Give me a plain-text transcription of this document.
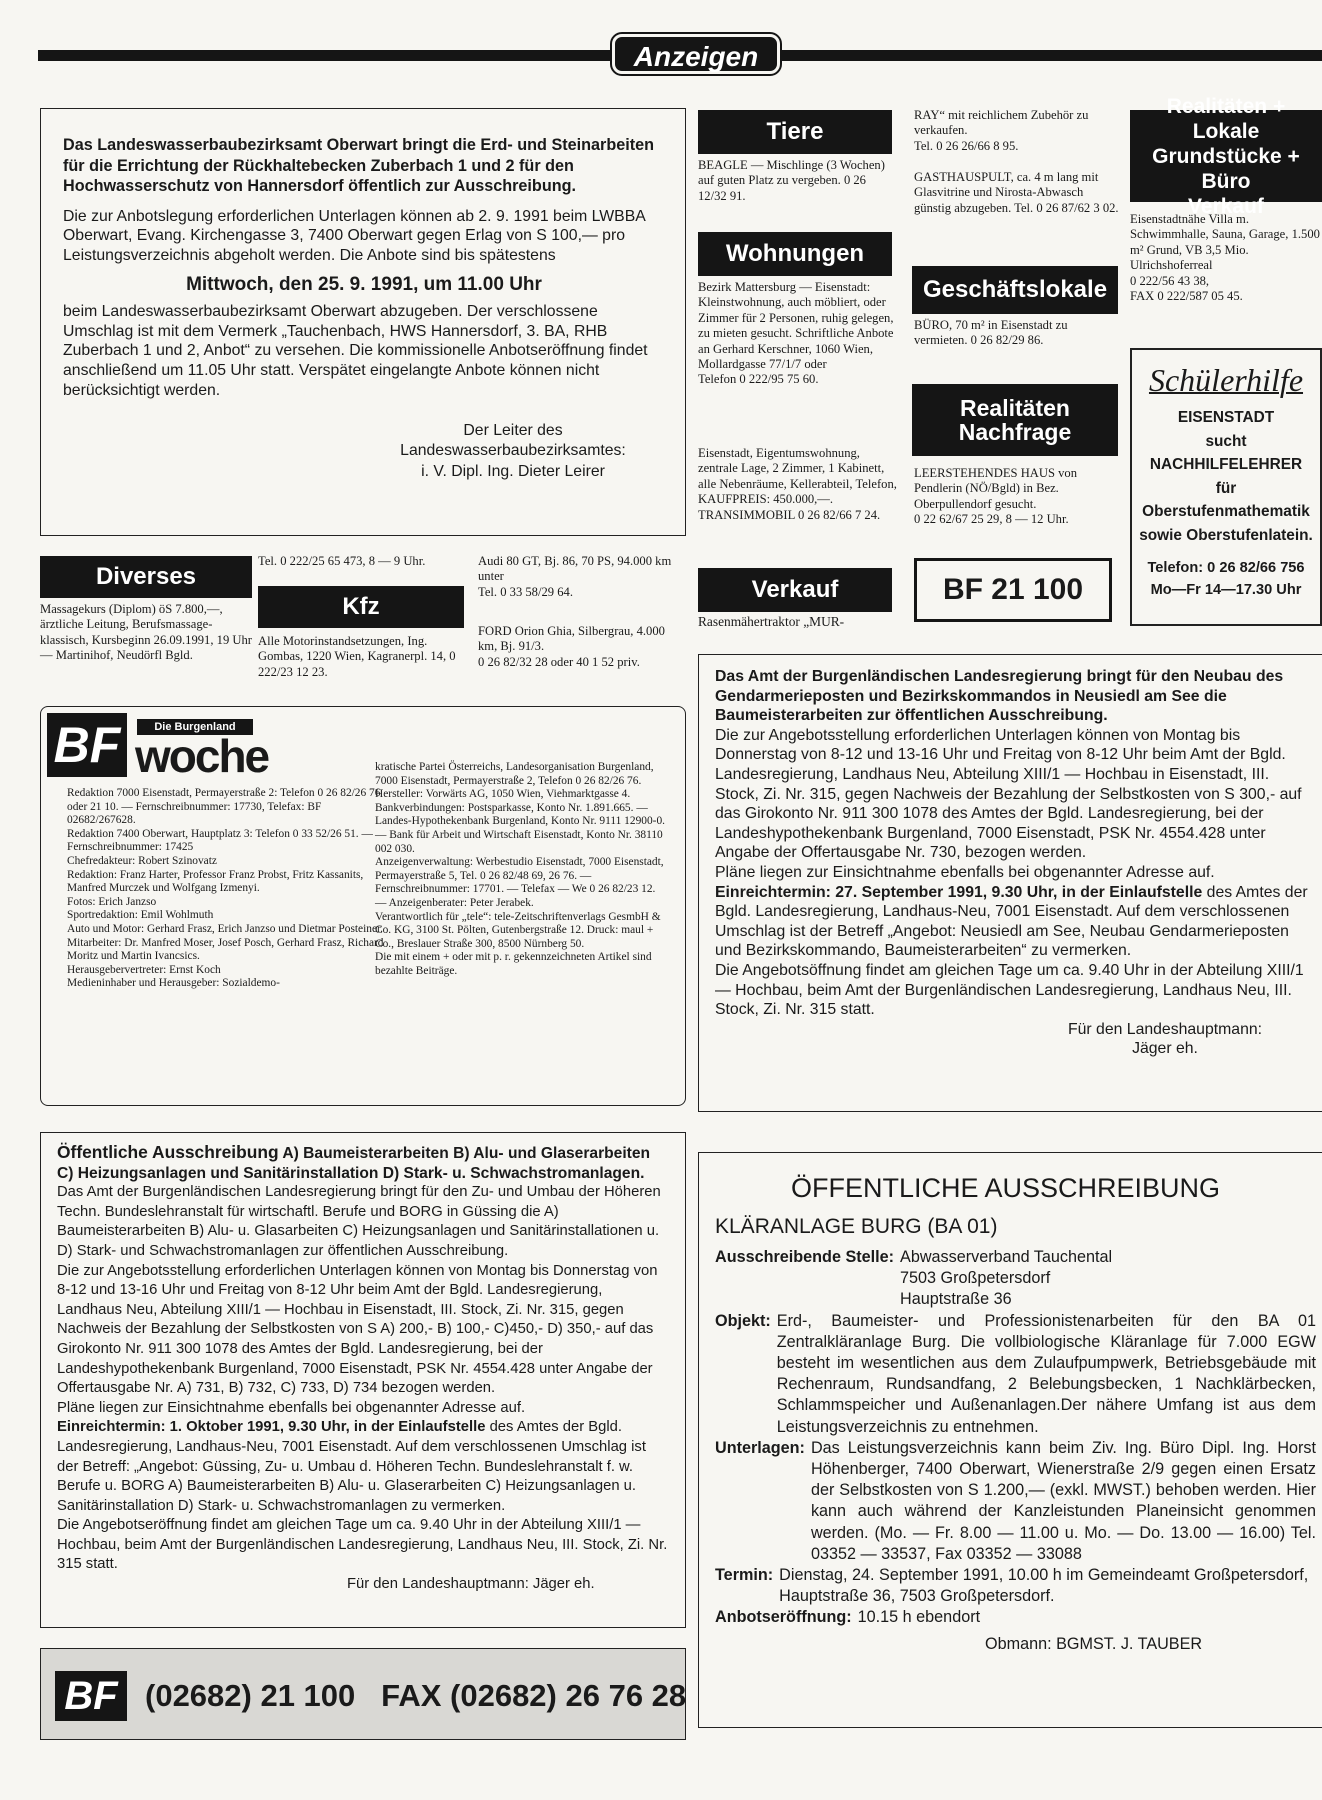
Anzeigen

Das Landeswasserbaubezirksamt Oberwart bringt die Erd- und Steinarbeiten für die Errichtung der Rückhaltebecken Zuberbach 1 und 2 für den Hochwasserschutz von Hannersdorf öffentlich zur Ausschreibung.

Die zur Anbotslegung erforderlichen Unterlagen können ab 2. 9. 1991 beim LWBBA Oberwart, Evang. Kirchengasse 3, 7400 Oberwart gegen Erlag von S 100,— pro Leistungsverzeichnis abgeholt werden. Die Anbote sind bis spätestens

Mittwoch, den 25. 9. 1991, um 11.00 Uhr

beim Landeswasserbaubezirksamt Oberwart abzugeben. Der verschlossene Umschlag ist mit dem Vermerk „Tauchenbach, HWS Hannersdorf, 3. BA, RHB Zuberbach 1 und 2, Anbot“ zu versehen. Die kommissionelle Anbotseröffnung findet anschließend um 11.05 Uhr statt. Verspätet eingelangte Anbote können nicht berücksichtigt werden.

Der Leiter des
Landeswasserbaubezirksamtes:
i. V. Dipl. Ing. Dieter Leirer

Tiere

BEAGLE — Mischlinge (3 Wochen) auf guten Platz zu vergeben. 0 26 12/32 91.

Wohnungen

Bezirk Mattersburg — Eisenstadt: Kleinstwohnung, auch möbliert, oder Zimmer für 2 Personen, ruhig gelegen, zu mieten gesucht. Schriftliche Anbote an Gerhard Kerschner, 1060 Wien, Mollardgasse 77/1/7 oder
Telefon 0 222/95 75 60.

Eisenstadt, Eigentumswohnung, zentrale Lage, 2 Zimmer, 1 Kabinett, alle Nebenräume, Kellerabteil, Telefon, KAUFPREIS: 450.000,—. TRANSIMMOBIL 0 26 82/66 7 24.

Verkauf

Rasenmähertraktor „MUR-

RAY“ mit reichlichem Zubehör zu verkaufen.
Tel. 0 26 26/66 8 95.

GASTHAUSPULT, ca. 4 m lang mit Glasvitrine und Nirosta-Abwasch günstig abzugeben. Tel. 0 26 87/62 3 02.

Geschäftslokale

BÜRO, 70 m² in Eisenstadt zu vermieten. 0 26 82/29 86.

Realitäten
Nachfrage

LEERSTEHENDES HAUS von Pendlerin (NÖ/Bgld) in Bez. Oberpullendorf gesucht.
0 22 62/67 25 29, 8 — 12 Uhr.

BF 21 100
Realitäten + Lokale
Grundstücke + Büro
Verkauf

Eisenstadtnähe Villa m. Schwimmhalle, Sauna, Garage, 1.500 m² Grund, VB 3,5 Mio. Ulrichshoferreal
0 222/56 43 38,
FAX 0 222/587 05 45.

Schülerhilfe

EISENSTADT
sucht
NACHHILFELEHRER
für
Oberstufenmathematik
sowie Oberstufenlatein.

Telefon: 0 26 82/66 756
Mo—Fr 14—17.30 Uhr

Diverses

Massagekurs (Diplom) öS 7.800,—, ärztliche Leitung, Berufsmassage-klassisch, Kursbeginn 26.09.1991, 19 Uhr — Martinihof, Neudörfl Bgld.

Tel. 0 222/25 65 473, 8 — 9 Uhr.

Kfz

Alle Motorinstandsetzungen, Ing. Gombas, 1220 Wien, Kagranerpl. 14, 0 222/23 12 23.

Audi 80 GT, Bj. 86, 70 PS, 94.000 km unter
Tel. 0 33 58/29 64.

FORD Orion Ghia, Silbergrau, 4.000 km, Bj. 91/3.
0 26 82/32 28 oder 40 1 52 priv.

BF	Die Burgenland
woche

Redaktion 7000 Eisenstadt, Permayerstraße 2: Telefon 0 26 82/26 76 oder 21 10. — Fernschreibnummer: 17730, Telefax: BF 02682/267628.
Redaktion 7400 Oberwart, Hauptplatz 3: Telefon 0 33 52/26 51. — Fernschreibnummer: 17425
Chefredakteur: Robert Szinovatz
Redaktion: Franz Harter, Professor Franz Probst, Fritz Kassanits, Manfred Murczek und Wolfgang Izmenyi.
Fotos: Erich Janzso
Sportredaktion: Emil Wohlmuth
Auto und Motor: Gerhard Frasz, Erich Janzso und Dietmar Posteiner.
Mitarbeiter: Dr. Manfred Moser, Josef Posch, Gerhard Frasz, Richard Moritz und Martin Ivancsics.
Herausgebervertreter: Ernst Koch
Medieninhaber und Herausgeber: Sozialdemo-

kratische Partei Österreichs, Landesorganisation Burgenland, 7000 Eisenstadt, Permayerstraße 2, Telefon 0 26 82/26 76.
Hersteller: Vorwärts AG, 1050 Wien, Viehmarktgasse 4.
Bankverbindungen: Postsparkasse, Konto Nr. 1.891.665. — Landes-Hypothekenbank Burgenland, Konto Nr. 9111 12900-0. — Bank für Arbeit und Wirtschaft Eisenstadt, Konto Nr. 38110 002 030.
Anzeigenverwaltung: Werbestudio Eisenstadt, 7000 Eisenstadt, Permayerstraße 5, Tel. 0 26 82/48 69, 26 76. — Fernschreibnummer: 17701. — Telefax — We 0 26 82/23 12. — Anzeigenberater: Peter Jerabek.
Verantwortlich für „tele“: tele-Zeitschriftenverlags GesmbH & Co. KG, 3100 St. Pölten, Gutenbergstraße 12. Druck: maul + Co., Breslauer Straße 300, 8500 Nürnberg 50.
Die mit einem + oder mit p. r. gekennzeichneten Artikel sind bezahlte Beiträge.

Das Amt der Burgenländischen Landesregierung bringt für den Neubau des Gendarmerieposten und Bezirkskommandos in Neusiedl am See die Baumeisterarbeiten zur öffentlichen Ausschreibung.

Die zur Angebotsstellung erforderlichen Unterlagen können von Montag bis Donnerstag von 8-12 und 13-16 Uhr und Freitag von 8-12 Uhr beim Amt der Bgld. Landesregierung, Landhaus Neu, Abteilung XIII/1 — Hochbau in Eisenstadt, III. Stock, Zi. Nr. 315, gegen Nachweis der Bezahlung der Selbstkosten von S 300,- auf das Girokonto Nr. 911 300 1078 des Amtes der Bgld. Landesregierung, bei der Landeshypothekenbank Burgenland, 7000 Eisenstadt, PSK Nr. 4554.428 unter Angabe der Offertausgabe Nr. 730, bezogen werden.

Pläne liegen zur Einsichtnahme ebenfalls bei obgenannter Adresse auf.

Einreichtermin: 27. September 1991, 9.30 Uhr, in der Einlaufstelle des Amtes der Bgld. Landesregierung, Landhaus-Neu, 7001 Eisenstadt. Auf dem verschlossenen Umschlag ist der Betreff „Angebot: Neusiedl am See, Neubau Gendarmerieposten und Bezirkskommando, Baumeisterarbeiten“ zu vermerken.

Die Angebotsöffnung findet am gleichen Tage um ca. 9.40 Uhr in der Abteilung XIII/1 — Hochbau, beim Amt der Burgenländischen Landesregierung, Landhaus Neu, III. Stock, Zi. Nr. 315 statt.

Für den Landeshauptmann:
Jäger eh.

Öffentliche Ausschreibung A) Baumeisterarbeiten B) Alu- und Glaserarbeiten C) Heizungsanlagen und Sanitärinstallation D) Stark- u. Schwachstromanlagen.

Das Amt der Burgenländischen Landesregierung bringt für den Zu- und Umbau der Höheren Techn. Bundeslehranstalt für wirtschaftl. Berufe und BORG in Güssing die A) Baumeisterarbeiten B) Alu- u. Glasarbeiten C) Heizungsanlagen und Sanitärinstallationen u. D) Stark- und Schwachstromanlagen zur öffentlichen Ausschreibung.

Die zur Angebotsstellung erforderlichen Unterlagen können von Montag bis Donnerstag von 8-12 und 13-16 Uhr und Freitag von 8-12 Uhr beim Amt der Bgld. Landesregierung, Landhaus Neu, Abteilung XIII/1 — Hochbau in Eisenstadt, III. Stock, Zi. Nr. 315, gegen Nachweis der Bezahlung der Selbstkosten von S A) 200,- B) 100,- C)450,- D) 350,- auf das Girokonto Nr. 911 300 1078 des Amtes der Bgld. Landesregierung, bei der Landeshypothekenbank Burgenland, 7000 Eisenstadt, PSK Nr. 4554.428 unter Angabe der Offertausgabe Nr. A) 731, B) 732, C) 733, D) 734 bezogen werden.

Pläne liegen zur Einsichtnahme ebenfalls bei obgenannter Adresse auf.

Einreichtermin: 1. Oktober 1991, 9.30 Uhr, in der Einlaufstelle des Amtes der Bgld. Landesregierung, Landhaus-Neu, 7001 Eisenstadt. Auf dem verschlossenen Umschlag ist der Betreff: „Angebot: Güssing, Zu- u. Umbau d. Höheren Techn. Bundeslehranstalt f. w. Berufe u. BORG A) Baumeisterarbeiten B) Alu- u. Glaserarbeiten C) Heizungsanlagen u. Sanitärinstallation D) Stark- u. Schwachstromanlagen zu vermerken.

Die Angebotseröffnung findet am gleichen Tage um ca. 9.40 Uhr in der Abteilung XIII/1 — Hochbau, beim Amt der Burgenländischen Landesregierung, Landhaus Neu, III. Stock, Zi. Nr. 315 statt.

Für den Landeshauptmann: Jäger eh.

BF (02682) 21 100   FAX (02682) 26 76 28

ÖFFENTLICHE AUSSCHREIBUNG

KLÄRANLAGE BURG (BA 01)

Ausschreibende Stelle: Abwasserverband Tauchental
7503 Großpetersdorf
Hauptstraße 36
Objekt: Erd-, Baumeister- und Professionistenarbeiten für den BA 01 Zentralkläranlage Burg. Die vollbiologische Kläranlage für 7.000 EGW besteht im wesentlichen aus dem Zulaufpumpwerk, Betriebsgebäude mit Rechenraum, Rundsandfang, 2 Belebungsbecken, 1 Nachklärbecken, Schlammspeicher und Außenanlagen.Der nähere Umfang ist aus dem Leistungsverzeichnis zu entnehmen.
Unterlagen: Das Leistungsverzeichnis kann beim Ziv. Ing. Büro Dipl. Ing. Horst Höhenberger, 7400 Oberwart, Wienerstraße 2/9 gegen einen Ersatz der Selbstkosten von S 1.200,— (exkl. MWST.) behoben werden. Hier kann auch während der Kanzleistunden Planeinsicht genommen werden. (Mo. — Fr. 8.00 — 11.00 u. Mo. — Do. 13.00 — 16.00) Tel. 03352 — 33537, Fax 03352 — 33088
Termin: Dienstag, 24. September 1991, 10.00 h im Gemeindeamt Großpetersdorf, Hauptstraße 36, 7503 Großpetersdorf.
Anbotseröffnung: 10.15 h ebendort

Obmann: BGMST. J. TAUBER
